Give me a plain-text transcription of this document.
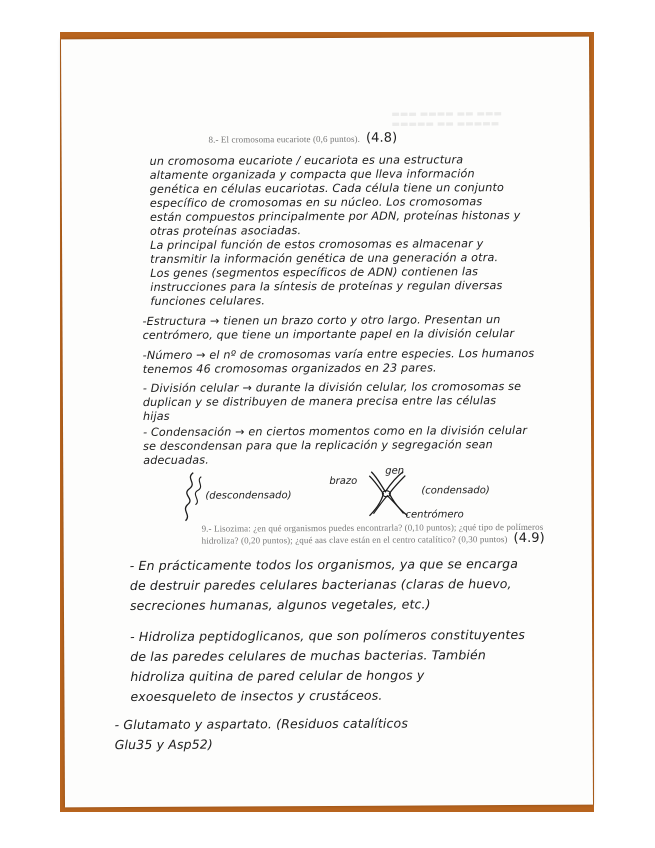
▬▬▬ ▬▬▬▬ ▬▬ ▬▬▬
▬▬▬▬▬ ▬▬ ▬▬▬▬▬
8.- El cromosoma eucariote (0,6 puntos). (4.8)
un cromosoma eucariote / eucariota es una estructura
altamente organizada y compacta que lleva información
genética en células eucariotas. Cada célula tiene un conjunto
específico de cromosomas en su núcleo. Los cromosomas
están compuestos principalmente por ADN, proteínas histonas y
otras proteínas asociadas.
La principal función de estos cromosomas es almacenar y
transmitir la información genética de una generación a otra.
Los genes (segmentos específicos de ADN) contienen las
instrucciones para la síntesis de proteínas y regulan diversas
funciones celulares.
-Estructura → tienen un brazo corto y otro largo. Presentan un
centrómero, que tiene un importante papel en la división celular
-Número → el nº de cromosomas varía entre especies. Los humanos
tenemos 46 cromosomas organizados en 23 pares.
- División celular → durante la división celular, los cromosomas se
duplican y se distribuyen de manera precisa entre las células
hijas
- Condensación → en ciertos momentos como en la división celular
se descondensan para que la replicación y segregación sean
adecuadas.
(descondensado)
brazo
gen
(condensado)
centrómero
9.- Lisozima: ¿en qué organismos puedes encontrarla? (0,10 puntos); ¿qué tipo de polímeros
hidroliza? (0,20 puntos); ¿qué aas clave están en el centro catalítico? (0,30 puntos) (4.9)
- En prácticamente todos los organismos, ya que se encarga
de destruir paredes celulares bacterianas (claras de huevo,
secreciones humanas, algunos vegetales, etc.)
- Hidroliza peptidoglicanos, que son polímeros constituyentes
de las paredes celulares de muchas bacterias. También
hidroliza quitina de pared celular de hongos y
exoesqueleto de insectos y crustáceos.
- Glutamato y aspartato. (Residuos catalíticos
Glu35 y Asp52)
